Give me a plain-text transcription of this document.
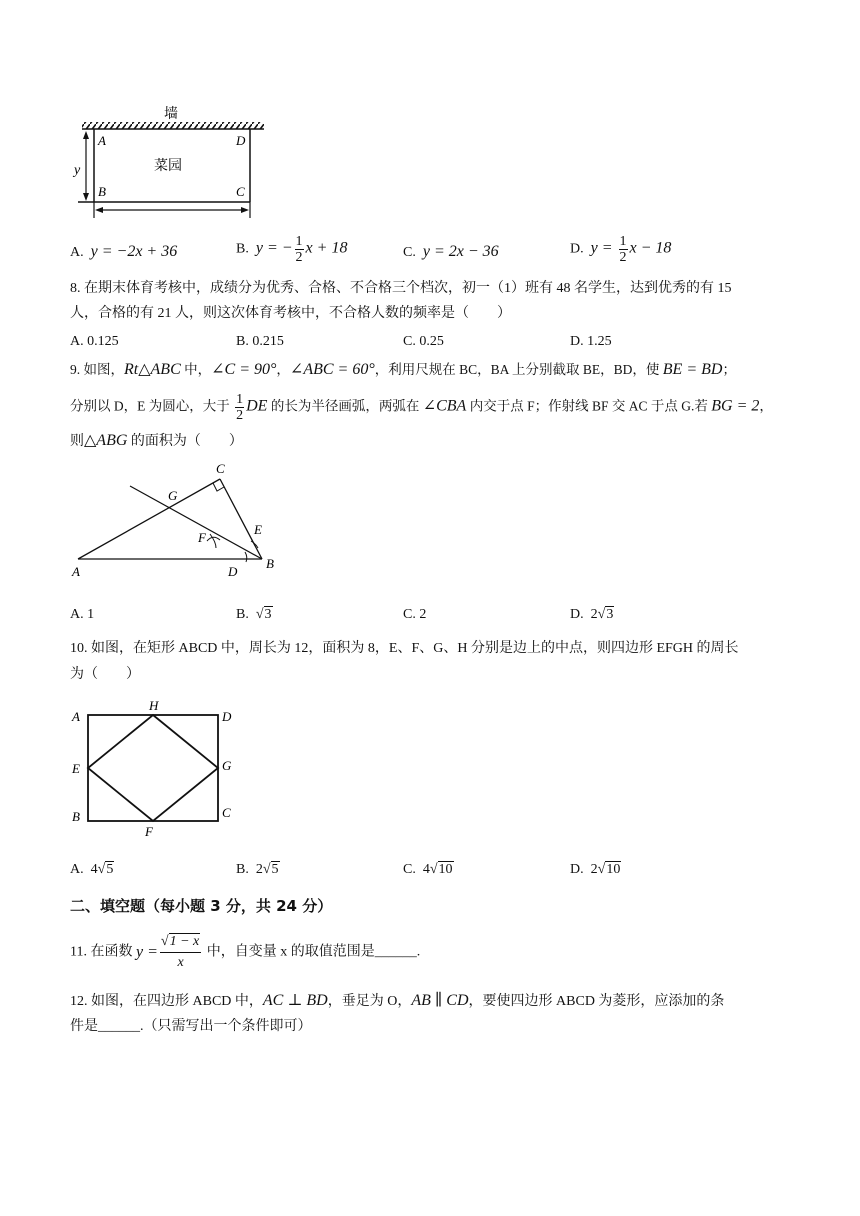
墙
A	D
B	C
y	菜园
A. y = −2x + 36	B. y = − $\frac{1}{2}$ x + 18	C. y = 2x − 36	D. $y = \frac{1}{2}$ x − 18
8. 在期末体育考核中，成绩分为优秀、合格、不合格三个档次，初一（1）班有 48 名学生，达到优秀的有 15
人，合格的有 21 人，则这次体育考核中，不合格人数的频率是（　　）
A. 0.125	B. 0.215	C. 0.25	D. 1.25
9. 如图，Rt△ABC 中，∠C = 90°，∠ABC = 60°，利用尺规在 BC，BA 上分别截取 BE，BD，使 BE = BD；
分别以 D，E 为圆心，大于 $\frac{1}{2}$ DE 的长为半径画弧，两弧在 ∠CBA 内交于点 F；作射线 BF 交 AC 于点 G.若 BG = 2，
则△ABG 的面积为（　　）
A
B
C
D
E
F
G
A. 1	B.  √3	C. 2	D. 2√3
10. 如图，在矩形 ABCD 中，周长为 12，面积为 8，E、F、G、H 分别是边上的中点，则四边形 EFGH 的周长
为（　　）
A	D
B	C
H
F
E	G
A. 4√5	B. 2√5	C. 4√10	D. 2√10
二、填空题（每小题 3 分，共 24 分）
11. 在函数 $y = \frac{√1 - x}{x}$ 中，自变量 x 的取值范围是______.
12. 如图，在四边形 ABCD 中，AC ⊥ BD，垂足为 O，AB ∥ CD，要使四边形 ABCD 为菱形，应添加的条
件是______.（只需写出一个条件即可）
